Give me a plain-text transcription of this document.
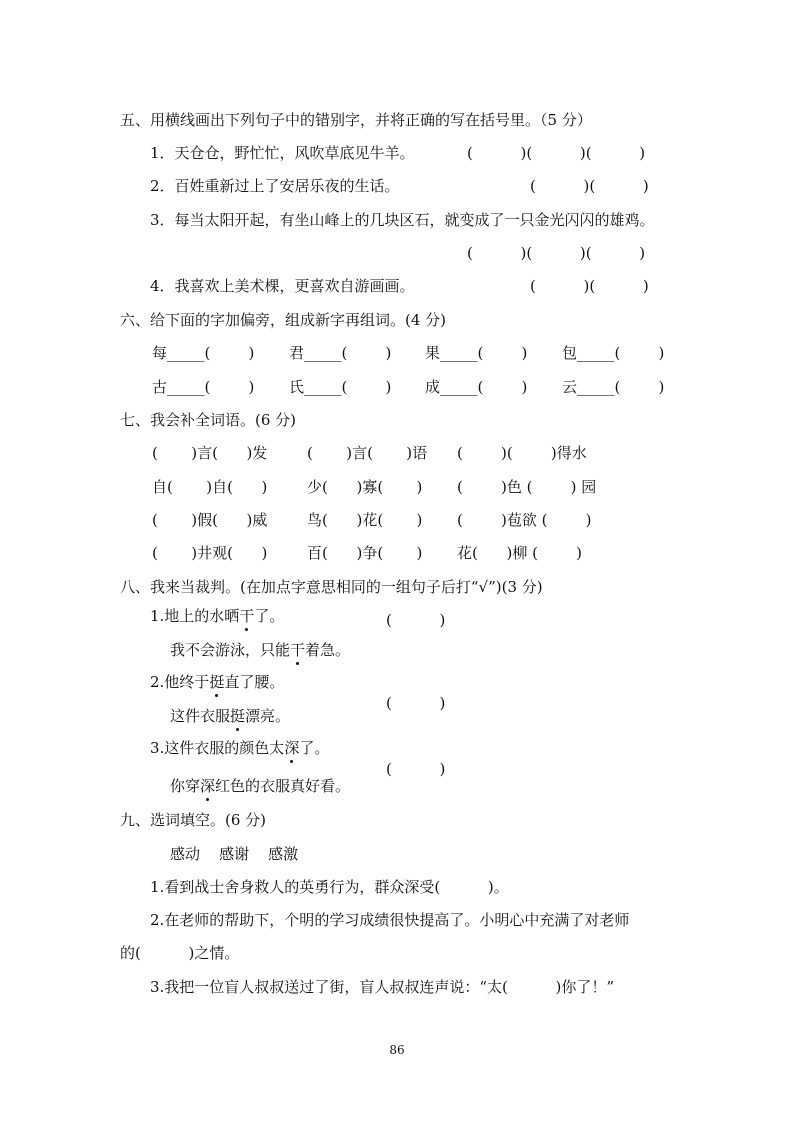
五、用横线画出下列句子中的错别字，并将正确的写在括号里。（5 分）
1．天仓仓，野忙忙，风吹草底见牛羊。	(          )(          )(          )
2．百姓重新过上了安居乐夜的生话。	(          )(          )
3．每当太阳开起，有坐山峰上的几块区石，就变成了一只金光闪闪的雄鸡。
(          )(          )(          )
4．我喜欢上美术棵，更喜欢自游画画。	(          )(          )
六、给下面的字加偏旁，组成新字再组词。(4 分)
每_____(        ) 君_____(        ) 果_____(        ) 包_____(        )
古_____(        ) 氏_____(        ) 成_____(        ) 云_____(        )
七、我会补全词语。(6 分)
(       )言(      )发	(       )言(       )语 (        )(        )得水
自(       )自(      )	少(      )寡(       ) (        )色 (        ) 园
(       )假(      )威	鸟(      )花(       ) (        )苞欲 (        )
(       )井观(      )	百(      )争(       ) 花(      )柳 (        )
八、我来当裁判。(在加点字意思相同的一组句子后打“√”)(3 分)
1.地上的水晒干了。	(          )
我不会游泳，只能干着急。
2.他终于挺直了腰。
(          )
这件衣服挺漂亮。
3.这件衣服的颜色太深了。
(          )
你穿深红色的衣服真好看。
九、选词填空。(6 分)
感动    感谢    感激
1.看到战士舍身救人的英勇行为，群众深受(          )。
2.在老师的帮助下，个明的学习成绩很快提高了。小明心中充满了对老师
的(          )之情。
3.我把一位盲人叔叔送过了街，盲人叔叔连声说：“太(          )你了！”
86
